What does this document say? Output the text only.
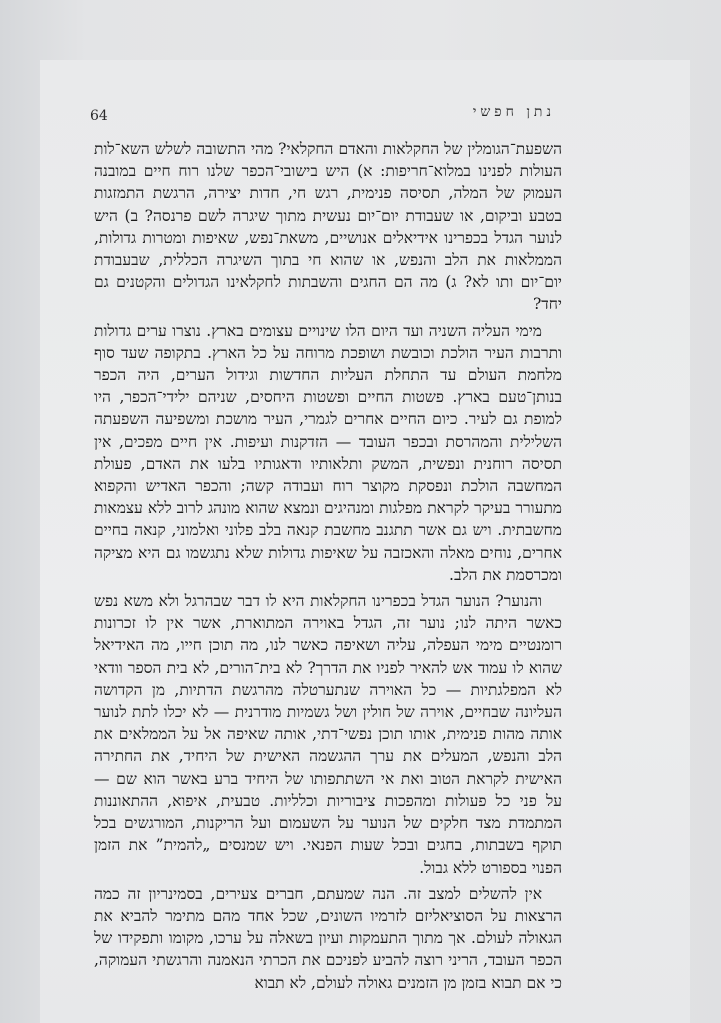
נתן חפשי
64

השפעת־הגומלין של החקלאות והאדם החקלאי? מהי התשובה לשלש השא־לות העולות לפנינו במלוא־חריפות: א) היש בישובי־הכפר שלנו רוח חיים במובנה העמוק של המלה, תסיסה פנימית, רגש חי, חדות יצירה, הרגשת התמזגות בטבע וביקום, או שעבודת יום־יום נעשית מתוך שיגרה לשם פרנסה? ב) היש לנוער הגדל בכפרינו אידיאלים אנושיים, משאת־נפש, שאיפות ומטרות גדולות, הממלאות את הלב והנפש, או שהוא חי בתוך השיגרה הכללית, שבעבודת יום־יום ותו לא? ג) מה הם החגים והשבתות לחקלאינו הגדולים והקטנים גם יחד?

מימי העליה השניה ועד היום הלו שינויים עצומים בארץ. נוצרו ערים גדולות ותרבות העיר הולכת וכובשת ושופכת מרוחה על כל הארץ. בתקופה שעד סוף מלחמת העולם עד התחלת העליות החדשות וגידול הערים, היה הכפר בנותן־טעם בארץ. פשטות החיים ופשטות היחסים, שניהם ילידי־הכפר, היו למופת גם לעיר. כיום החיים אחרים לגמרי, העיר מושכת ומשפיעה השפעתה השלילית והמהרסת ובכפר העובד — הזדקנות ועיפות. אין חיים מפכים, אין תסיסה רוחנית ונפשית, המשק ותלאותיו ודאגותיו בלעו את האדם, פעולת המחשבה הולכת ונפסקת מקוצר רוח ועבודה קשה; והכפר האדיש והקפוא מתעורר בעיקר לקראת מפלגות ומנהיגים ונמצא שהוא מונהג לרוב ללא עצמאות מחשבתית. ויש גם אשר תתגנב מחשבת קנאה בלב פלוני ואלמוני, קנאה בחיים אחרים, נוחים מאלה והאכזבה על שאיפות גדולות שלא נתגשמו גם היא מציקה ומכרסמת את הלב.

והנוער? הנוער הגדל בכפרינו החקלאות היא לו דבר שבהרגל ולא משא נפש כאשר היתה לנו; נוער זה, הגדל באוירה המתוארת, אשר אין לו זכרונות רומנטיים מימי העפלה, עליה ושאיפה כאשר לנו, מה תוכן חייו, מה האידיאל שהוא לו עמוד אש להאיר לפניו את הדרך? לא בית־הורים, לא בית הספר וודאי לא המפלגתיות — כל האוירה שנתערטלה מהרגשת הדתיות, מן הקדושה העליונה שבחיים, אוירה של חולין ושל גשמיות מודרנית — לא יכלו לתת לנוער אותה מהות פנימית, אותו תוכן נפשי־דתי, אותה שאיפה אל על הממלאים את הלב והנפש, המעלים את ערך ההגשמה האישית של היחיד, את החתירה האישית לקראת הטוב ואת אי השתתפותו של היחיד ברע באשר הוא שם — על פני כל פעולות ומהפכות ציבוריות וכלליות. טבעית, איפוא, ההתאוננות המתמדת מצד חלקים של הנוער על השעמום ועל הריקנות, המורגשים בכל תוקף בשבתות, בחגים ובכל שעות הפנאי. ויש שמנסים „להמית” את הזמן הפנוי בספורט ללא גבול.

אין להשלים למצב זה. הנה שמעתם, חברים צעירים, בסמינריון זה כמה הרצאות על הסוציאליזם לזרמיו השונים, שכל אחד מהם מתימר להביא את הגאולה לעולם. אך מתוך התעמקות ועיון בשאלה על ערכו, מקומו ותפקידו של הכפר העובד, הריני רוצה להביע לפניכם את הכרתי הנאמנה והרגשתי העמוקה, כי אם תבוא בזמן מן הזמנים גאולה לעולם, לא תבוא
